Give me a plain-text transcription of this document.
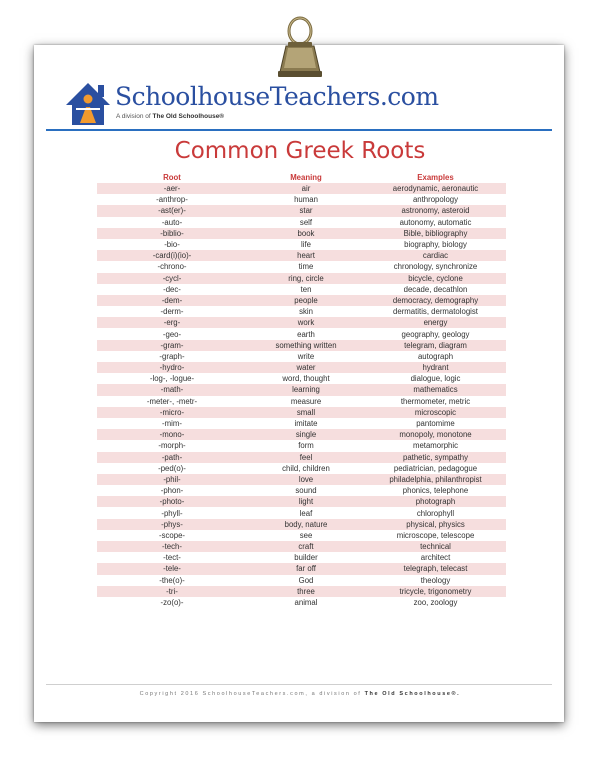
SchoolhouseTeachers.com
A division of The Old Schoolhouse®
Common Greek Roots
Root	Meaning	Examples
-aer-	air	aerodynamic, aeronautic
-anthrop-	human	anthropology
-ast(er)-	star	astronomy, asteroid
-auto-	self	autonomy, automatic
-biblio-	book	Bible, bibliography
-bio-	life	biography, biology
-card(i)(io)-	heart	cardiac
-chrono-	time	chronology, synchronize
-cycl-	ring, circle	bicycle, cyclone
-dec-	ten	decade, decathlon
-dem-	people	democracy, demography
-derm-	skin	dermatitis, dermatologist
-erg-	work	energy
-geo-	earth	geography, geology
-gram-	something written	telegram, diagram
-graph-	write	autograph
-hydro-	water	hydrant
-log-, -logue-	word, thought	dialogue, logic
-math-	learning	mathematics
-meter-, -metr-	measure	thermometer, metric
-micro-	small	microscopic
-mim-	imitate	pantomime
-mono-	single	monopoly, monotone
-morph-	form	metamorphic
-path-	feel	pathetic, sympathy
-ped(o)-	child, children	pediatrician, pedagogue
-phil-	love	philadelphia, philanthropist
-phon-	sound	phonics, telephone
-photo-	light	photograph
-phyll-	leaf	chlorophyll
-phys-	body, nature	physical, physics
-scope-	see	microscope, telescope
-tech-	craft	technical
-tect-	builder	architect
-tele-	far off	telegraph, telecast
-the(o)-	God	theology
-tri-	three	tricycle, trigonometry
-zo(o)-	animal	zoo, zoology
Copyright 2016 SchoolhouseTeachers.com, a division of The Old Schoolhouse®.
